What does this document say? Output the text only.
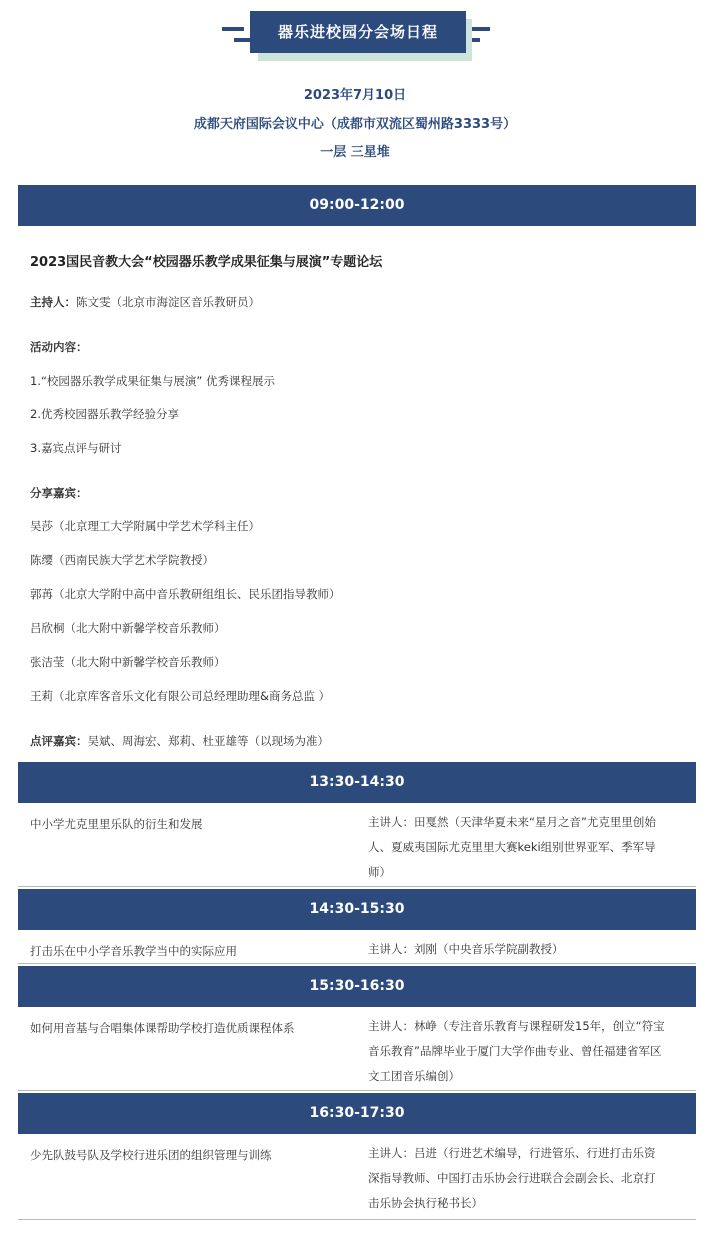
器乐进校园分会场日程
2023年7月10日
成都天府国际会议中心（成都市双流区蜀州路3333号）
一层 三星堆
09:00-12:00
2023国民音教大会“校园器乐教学成果征集与展演”专题论坛
主持人：陈文雯（北京市海淀区音乐教研员）
活动内容：
1.“校园器乐教学成果征集与展演” 优秀课程展示
2.优秀校园器乐教学经验分享
3.嘉宾点评与研讨
分享嘉宾：
吴莎（北京理工大学附属中学艺术学科主任）
陈缨（西南民族大学艺术学院教授）
郭苒（北京大学附中高中音乐教研组组长、民乐团指导教师）
吕欣桐（北大附中新馨学校音乐教师）
张洁莹（北大附中新馨学校音乐教师）
王莉（北京库客音乐文化有限公司总经理助理&商务总监 ）
点评嘉宾：吴斌、周海宏、郑莉、杜亚雄等（以现场为准）
13:30-14:30
中小学尤克里里乐队的衍生和发展	主讲人：田戛然（天津华夏未来“星月之音”尤克里里创始
人、夏威夷国际尤克里里大赛keki组别世界亚军、季军导
师）
14:30-15:30
打击乐在中小学音乐教学当中的实际应用	主讲人：刘刚（中央音乐学院副教授）
15:30-16:30
如何用音基与合唱集体课帮助学校打造优质课程体系	主讲人：林峥（专注音乐教育与课程研发15年，创立“符宝
音乐教育”品牌毕业于厦门大学作曲专业、曾任福建省军区
文工团音乐编创）
16:30-17:30
少先队鼓号队及学校行进乐团的组织管理与训练	主讲人：吕进（行进艺术编导，行进管乐、行进打击乐资
深指导教师、中国打击乐协会行进联合会副会长、北京打
击乐协会执行秘书长）
